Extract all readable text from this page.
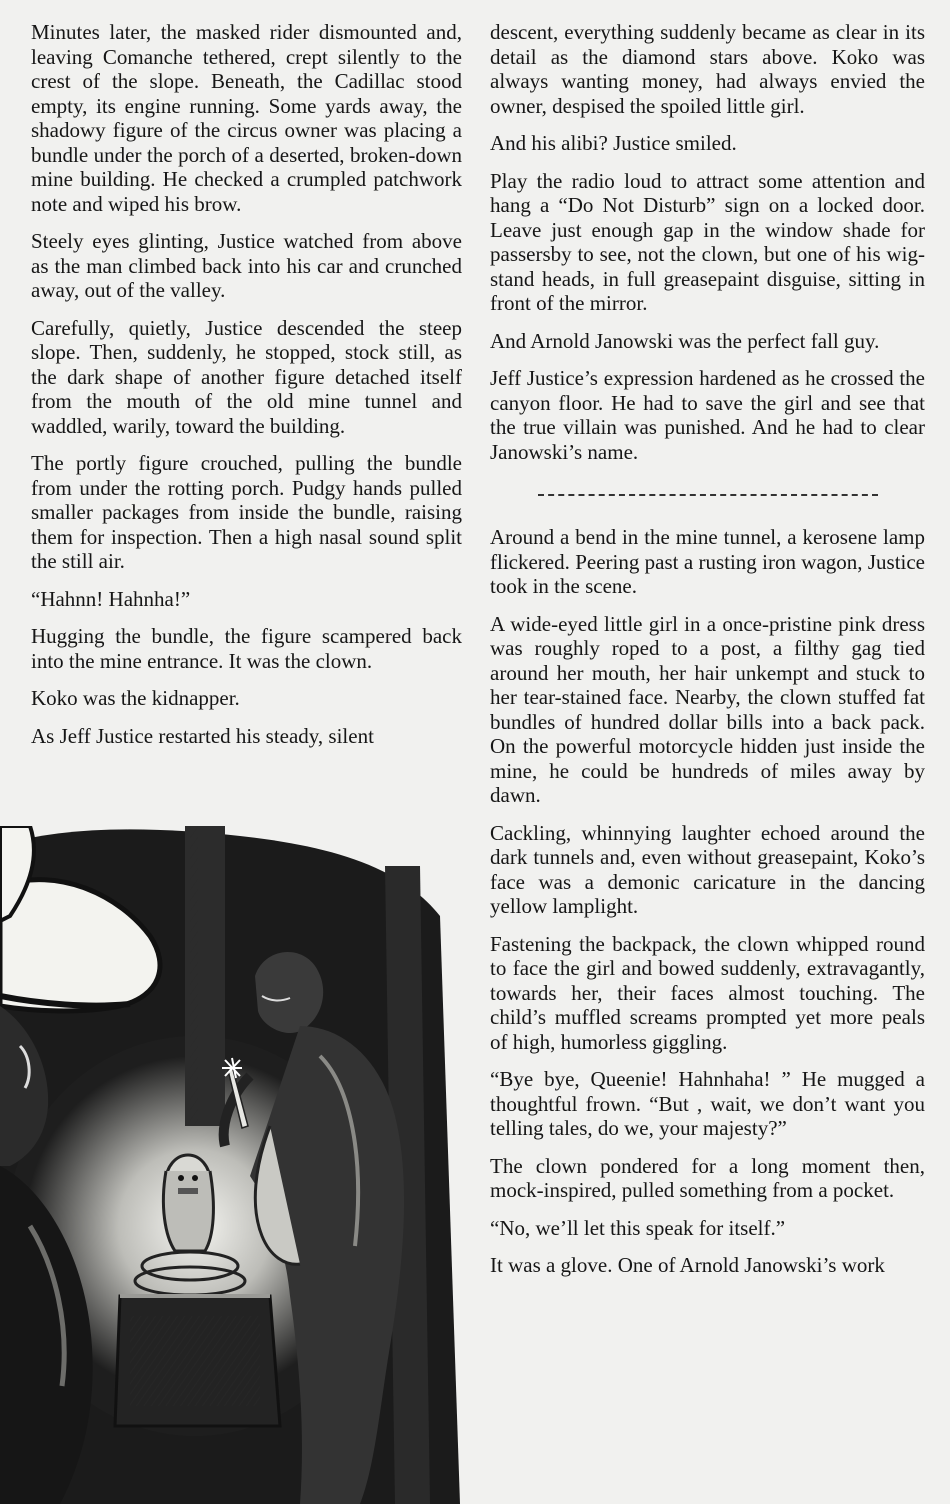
Minutes later, the masked rider dismounted and, leaving Comanche tethered, crept silently to the crest of the slope. Beneath, the Cadillac stood empty, its engine running. Some yards away, the shadowy figure of the circus owner was placing a bundle under the porch of a deserted, broken-down mine building. He checked a crumpled patchwork note and wiped his brow.

Steely eyes glinting, Justice watched from above as the man climbed back into his car and crunched away, out of the valley.

Carefully, quietly, Justice descended the steep slope. Then, suddenly, he stopped, stock still, as the dark shape of another figure detached itself from the mouth of the old mine tunnel and waddled, warily, toward the building.

The portly figure crouched, pulling the bundle from under the rotting porch. Pudgy hands pulled smaller packages from inside the bundle, raising them for inspection. Then a high nasal sound split the still air.

“Hahnn! Hahnha!”

Hugging the bundle, the figure scampered back into the mine entrance. It was the clown.

Koko was the kidnapper.

As Jeff Justice restarted his steady, silent

descent, everything suddenly became as clear in its detail as the diamond stars above. Koko was always wanting money, had always envied the owner, despised the spoiled little girl.

And his alibi? Justice smiled.

Play the radio loud to attract some attention and hang a “Do Not Disturb” sign on a locked door. Leave just enough gap in the window shade for passersby to see, not the clown, but one of his wig-stand heads, in full greasepaint disguise, sitting in front of the mirror.

And Arnold Janowski was the perfect fall guy.

Jeff Justice’s expression hardened as he crossed the canyon floor. He had to save the girl and see that the true villain was punished. And he had to clear Janowski’s name.

Around a bend in the mine tunnel, a kerosene lamp flickered. Peering past a rusting iron wagon, Justice took in the scene.

A wide-eyed little girl in a once-pristine pink dress was roughly roped to a post, a filthy gag tied around her mouth, her hair unkempt and stuck to her tear-stained face. Nearby, the clown stuffed fat bundles of hundred dollar bills into a back pack. On the powerful motorcycle hidden just inside the mine, he could be hundreds of miles away by dawn.

Cackling, whinnying laughter echoed around the dark tunnels and, even without greasepaint, Koko’s face was a demonic caricature in the dancing yellow lamplight.

Fastening the backpack, the clown whipped round to face the girl and bowed suddenly, extravagantly, towards her, their faces almost touching. The child’s muffled screams prompted yet more peals of high, humorless giggling.

“Bye bye, Queenie! Hahnhaha! ” He mugged a thoughtful frown. “But , wait, we don’t want you telling tales, do we, your majesty?”

The clown pondered for a long moment then, mock-inspired, pulled something from a pocket.

“No, we’ll let this speak for itself.”

It was a glove. One of Arnold Janowski’s work
